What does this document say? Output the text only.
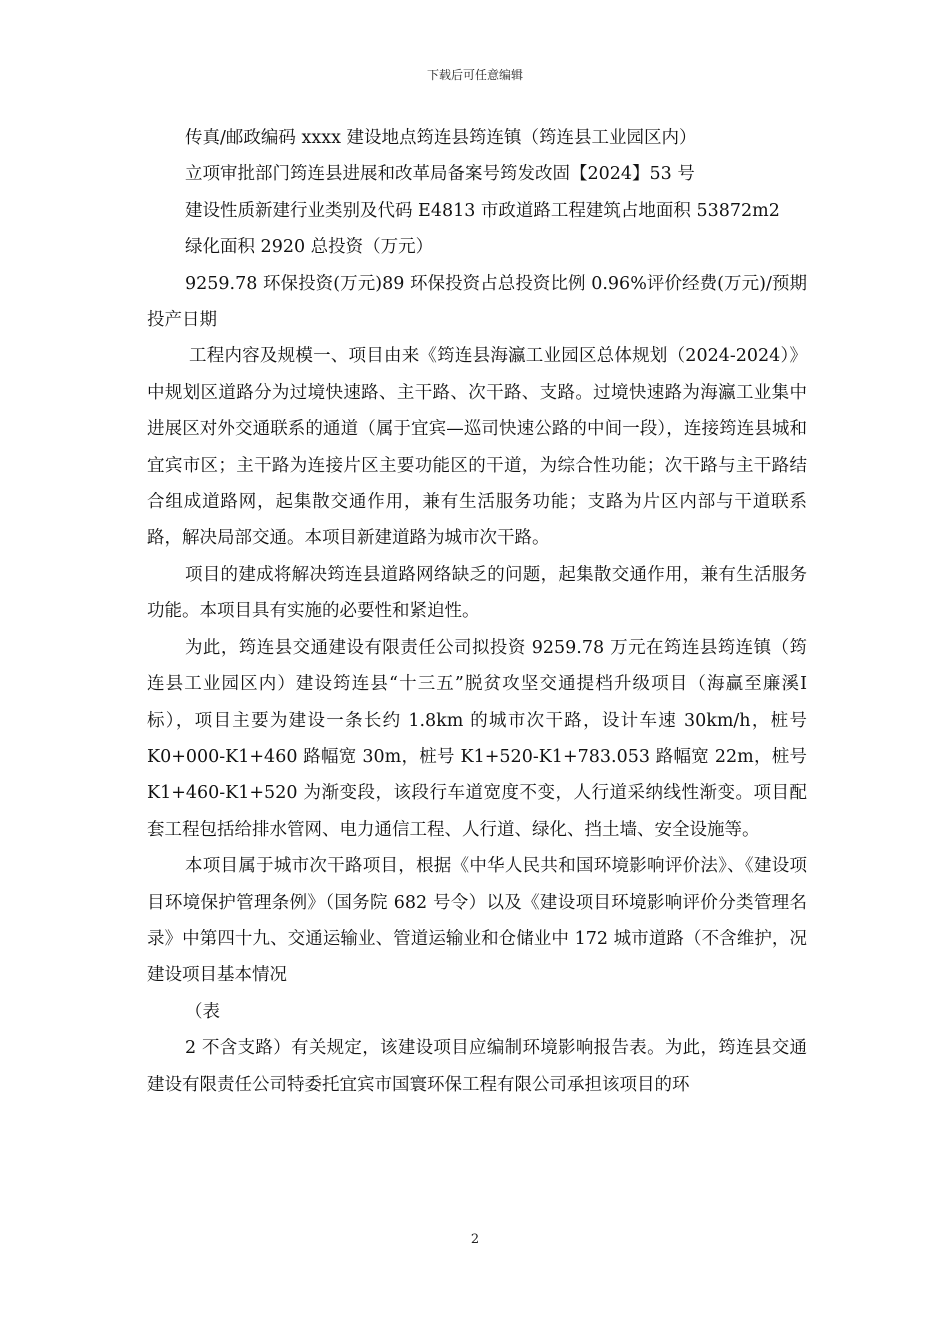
下载后可任意编辑

传真/邮政编码 xxxx 建设地点筠连县筠连镇（筠连县工业园区内）

立项审批部门筠连县进展和改革局备案号筠发改固【2024】53 号

建设性质新建行业类别及代码 E4813 市政道路工程建筑占地面积 53872m2

绿化面积 2920 总投资（万元）

9259.78 环保投资(万元)89 环保投资占总投资比例 0.96%评价经费(万元)/预期投产日期

工程内容及规模一、项目由来《筠连县海瀛工业园区总体规划（2024-2024）》中规划区道路分为过境快速路、主干路、次干路、支路。过境快速路为海瀛工业集中进展区对外交通联系的通道（属于宜宾—巡司快速公路的中间一段），连接筠连县城和宜宾市区；主干路为连接片区主要功能区的干道，为综合性功能；次干路与主干路结合组成道路网，起集散交通作用，兼有生活服务功能；支路为片区内部与干道联系路，解决局部交通。本项目新建道路为城市次干路。

项目的建成将解决筠连县道路网络缺乏的问题，起集散交通作用，兼有生活服务功能。本项目具有实施的必要性和紧迫性。

为此，筠连县交通建设有限责任公司拟投资 9259.78 万元在筠连县筠连镇（筠连县工业园区内）建设筠连县“十三五”脱贫攻坚交通提档升级项目（海赢至廉溪Ⅰ标），项目主要为建设一条长约 1.8km 的城市次干路，设计车速 30km/h，桩号 K0+000-K1+460 路幅宽 30m，桩号 K1+520-K1+783.053 路幅宽 22m，桩号 K1+460-K1+520 为渐变段，该段行车道宽度不变，人行道采纳线性渐变。项目配套工程包括给排水管网、电力通信工程、人行道、绿化、挡土墙、安全设施等。

本项目属于城市次干路项目，根据《中华人民共和国环境影响评价法》、《建设项目环境保护管理条例》（国务院 682 号令）以及《建设项目环境影响评价分类管理名录》中第四十九、交通运输业、管道运输业和仓储业中 172 城市道路（不含维护，况建设项目基本情况

（表

2 不含支路）有关规定，该建设项目应编制环境影响报告表。为此，筠连县交通建设有限责任公司特委托宜宾市国寰环保工程有限公司承担该项目的环

2
